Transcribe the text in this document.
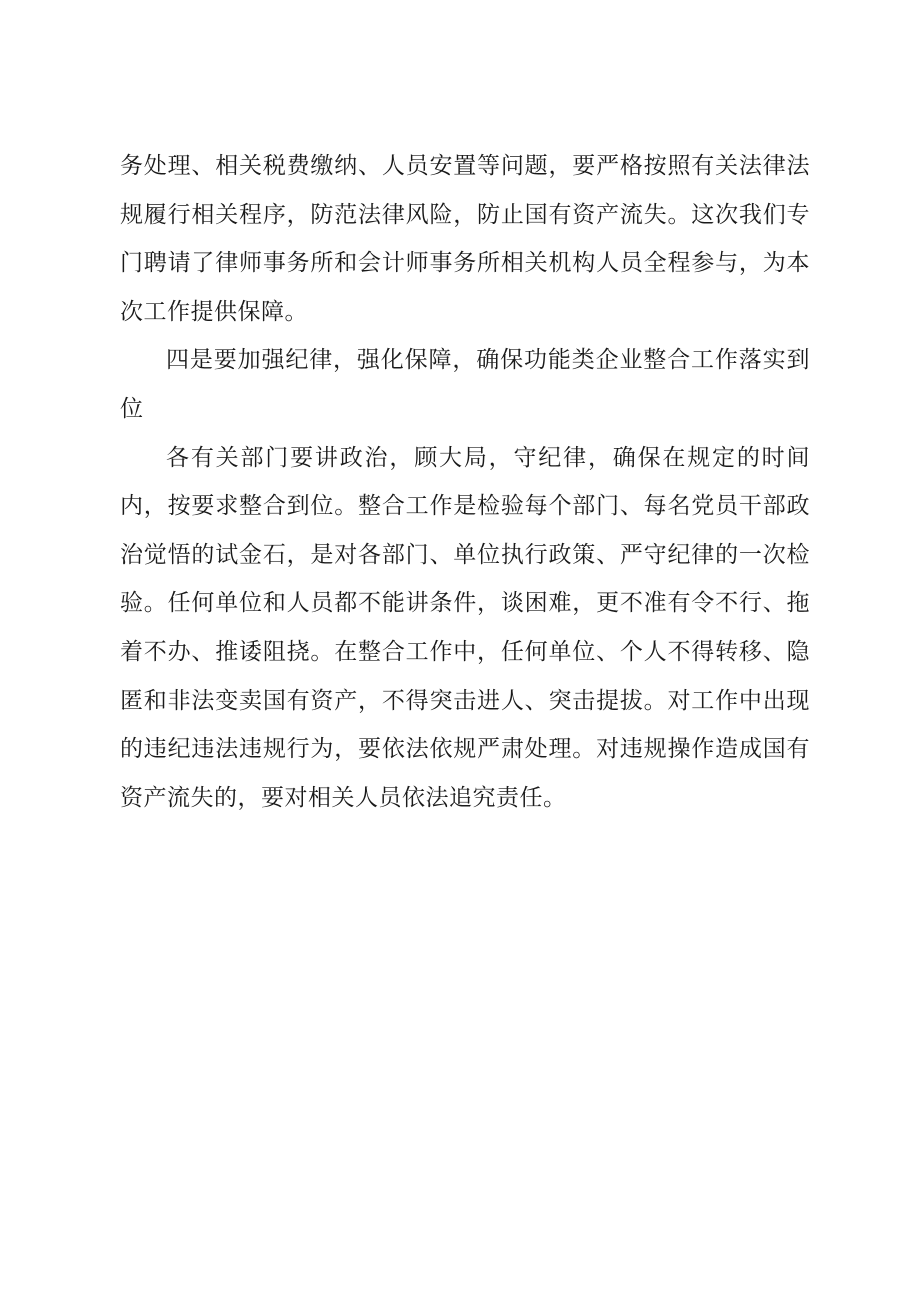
务处理、相关税费缴纳、人员安置等问题，要严格按照有关法律法规履行相关程序，防范法律风险，防止国有资产流失。这次我们专门聘请了律师事务所和会计师事务所相关机构人员全程参与，为本次工作提供保障。

四是要加强纪律，强化保障，确保功能类企业整合工作落实到位

各有关部门要讲政治，顾大局，守纪律，确保在规定的时间内，按要求整合到位。整合工作是检验每个部门、每名党员干部政治觉悟的试金石，是对各部门、单位执行政策、严守纪律的一次检验。任何单位和人员都不能讲条件，谈困难，更不准有令不行、拖着不办、推诿阻挠。在整合工作中，任何单位、个人不得转移、隐匿和非法变卖国有资产，不得突击进人、突击提拔。对工作中出现的违纪违法违规行为，要依法依规严肃处理。对违规操作造成国有资产流失的，要对相关人员依法追究责任。
